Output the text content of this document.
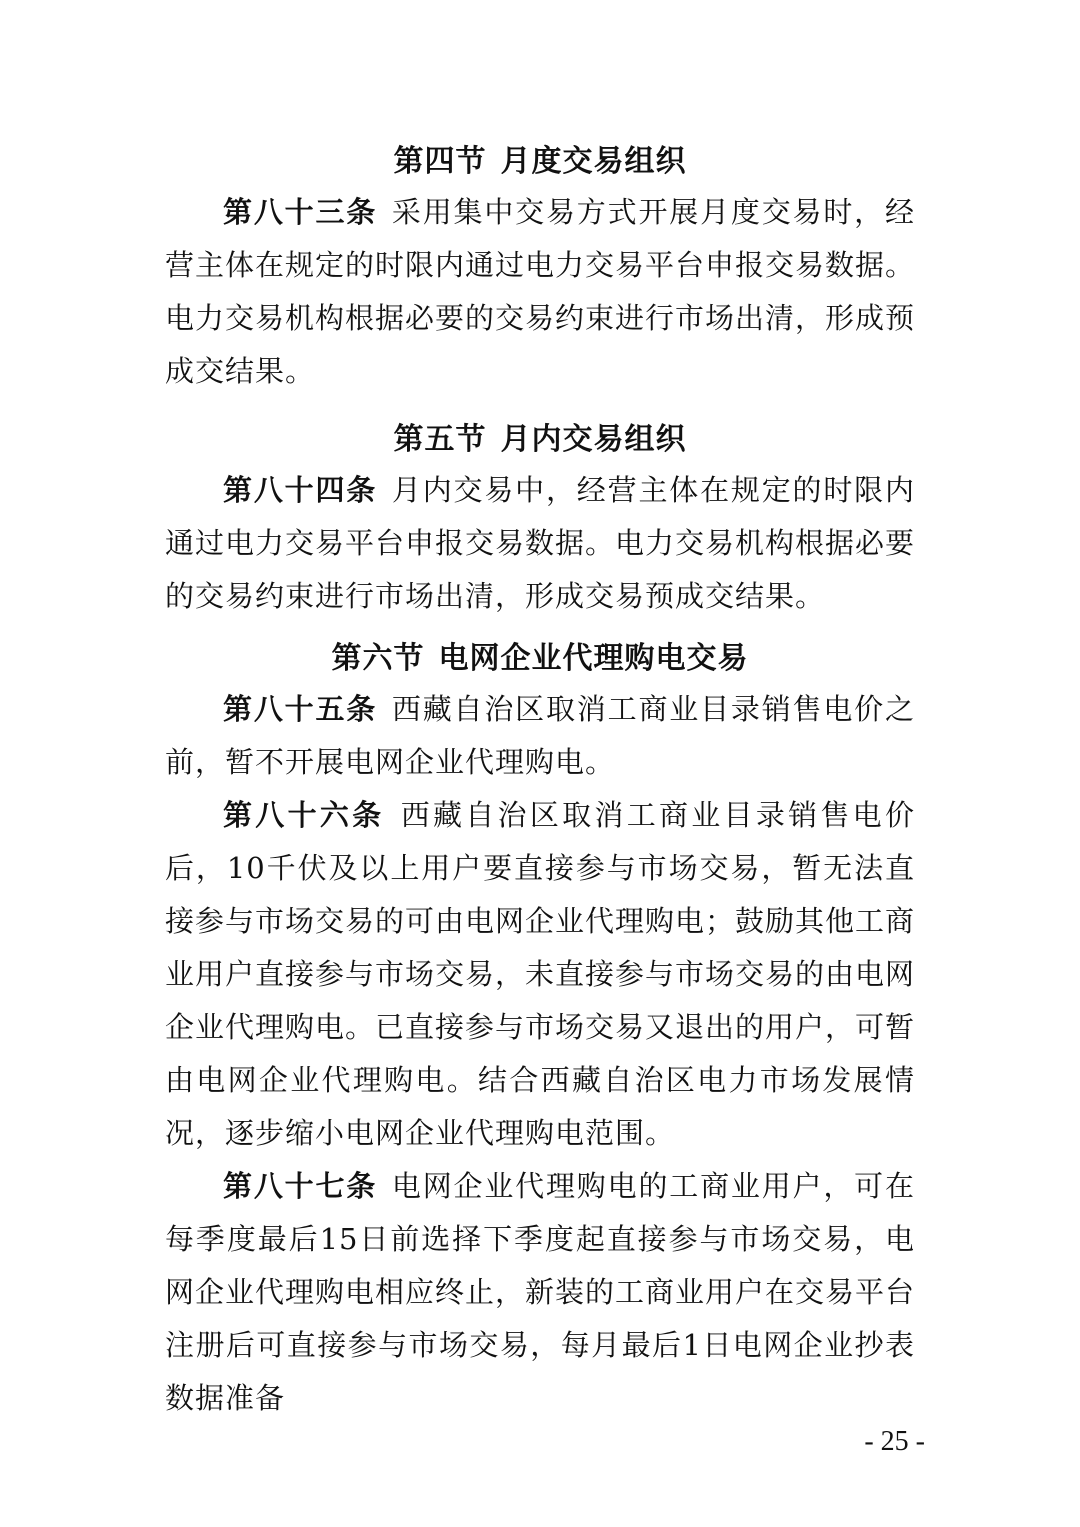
第四节 月度交易组织

第八十三条 采用集中交易方式开展月度交易时，经营主体在规定的时限内通过电力交易平台申报交易数据。电力交易机构根据必要的交易约束进行市场出清，形成预成交结果。

第五节 月内交易组织

第八十四条 月内交易中，经营主体在规定的时限内通过电力交易平台申报交易数据。电力交易机构根据必要的交易约束进行市场出清，形成交易预成交结果。

第六节 电网企业代理购电交易

第八十五条 西藏自治区取消工商业目录销售电价之前，暂不开展电网企业代理购电。

第八十六条 西藏自治区取消工商业目录销售电价后，10千伏及以上用户要直接参与市场交易，暂无法直接参与市场交易的可由电网企业代理购电；鼓励其他工商业用户直接参与市场交易，未直接参与市场交易的由电网企业代理购电。已直接参与市场交易又退出的用户，可暂由电网企业代理购电。结合西藏自治区电力市场发展情况，逐步缩小电网企业代理购电范围。

第八十七条 电网企业代理购电的工商业用户，可在每季度最后15日前选择下季度起直接参与市场交易，电网企业代理购电相应终止，新装的工商业用户在交易平台注册后可直接参与市场交易，每月最后1日电网企业抄表数据准备

- 25 -
